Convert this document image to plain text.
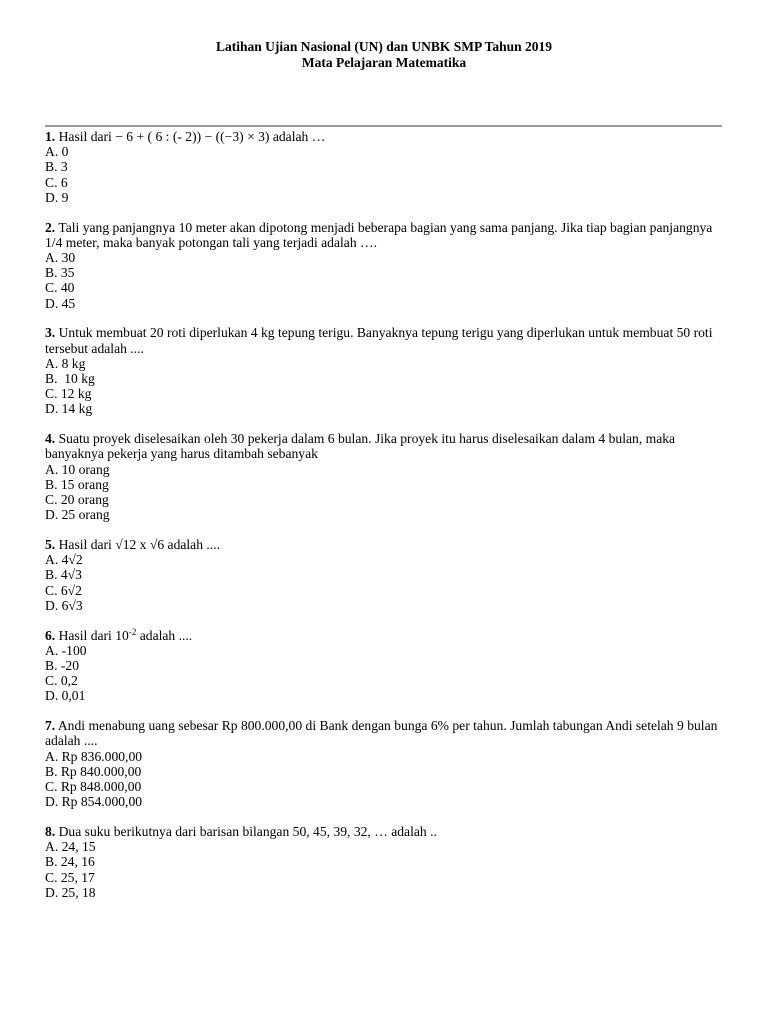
Latihan Ujian Nasional (UN) dan UNBK SMP Tahun 2019
Mata Pelajaran Matematika

1. Hasil dari − 6 + ( 6 : (- 2)) − ((−3) × 3) adalah …

A. 0
B. 3
C. 6
D. 9

2. Tali yang panjangnya 10 meter akan dipotong menjadi beberapa bagian yang sama panjang. Jika tiap bagian panjangnya 1/4 meter, maka banyak potongan tali yang terjadi adalah ….

A. 30
B. 35
C. 40
D. 45

3. Untuk membuat 20 roti diperlukan 4 kg tepung terigu. Banyaknya tepung terigu yang diperlukan untuk membuat 50 roti tersebut adalah ....

A. 8 kg
B.  10 kg
C. 12 kg
D. 14 kg

4. Suatu proyek diselesaikan oleh 30 pekerja dalam 6 bulan. Jika proyek itu harus diselesaikan dalam 4 bulan, maka banyaknya pekerja yang harus ditambah sebanyak

A. 10 orang
B. 15 orang
C. 20 orang
D. 25 orang

5. Hasil dari √12 x √6 adalah ....

A. 4√2
B. 4√3
C. 6√2
D. 6√3

6. Hasil dari $10^{-2}$ adalah ....

A. -100
B. -20
C. 0,2
D. 0,01

7. Andi menabung uang sebesar Rp 800.000,00 di Bank dengan bunga 6% per tahun. Jumlah tabungan Andi setelah 9 bulan adalah ....

A. Rp 836.000,00
B. Rp 840.000,00
C. Rp 848.000,00
D. Rp 854.000,00

8. Dua suku berikutnya dari barisan bilangan 50, 45, 39, 32, … adalah ..

A. 24, 15
B. 24, 16
C. 25, 17
D. 25, 18
